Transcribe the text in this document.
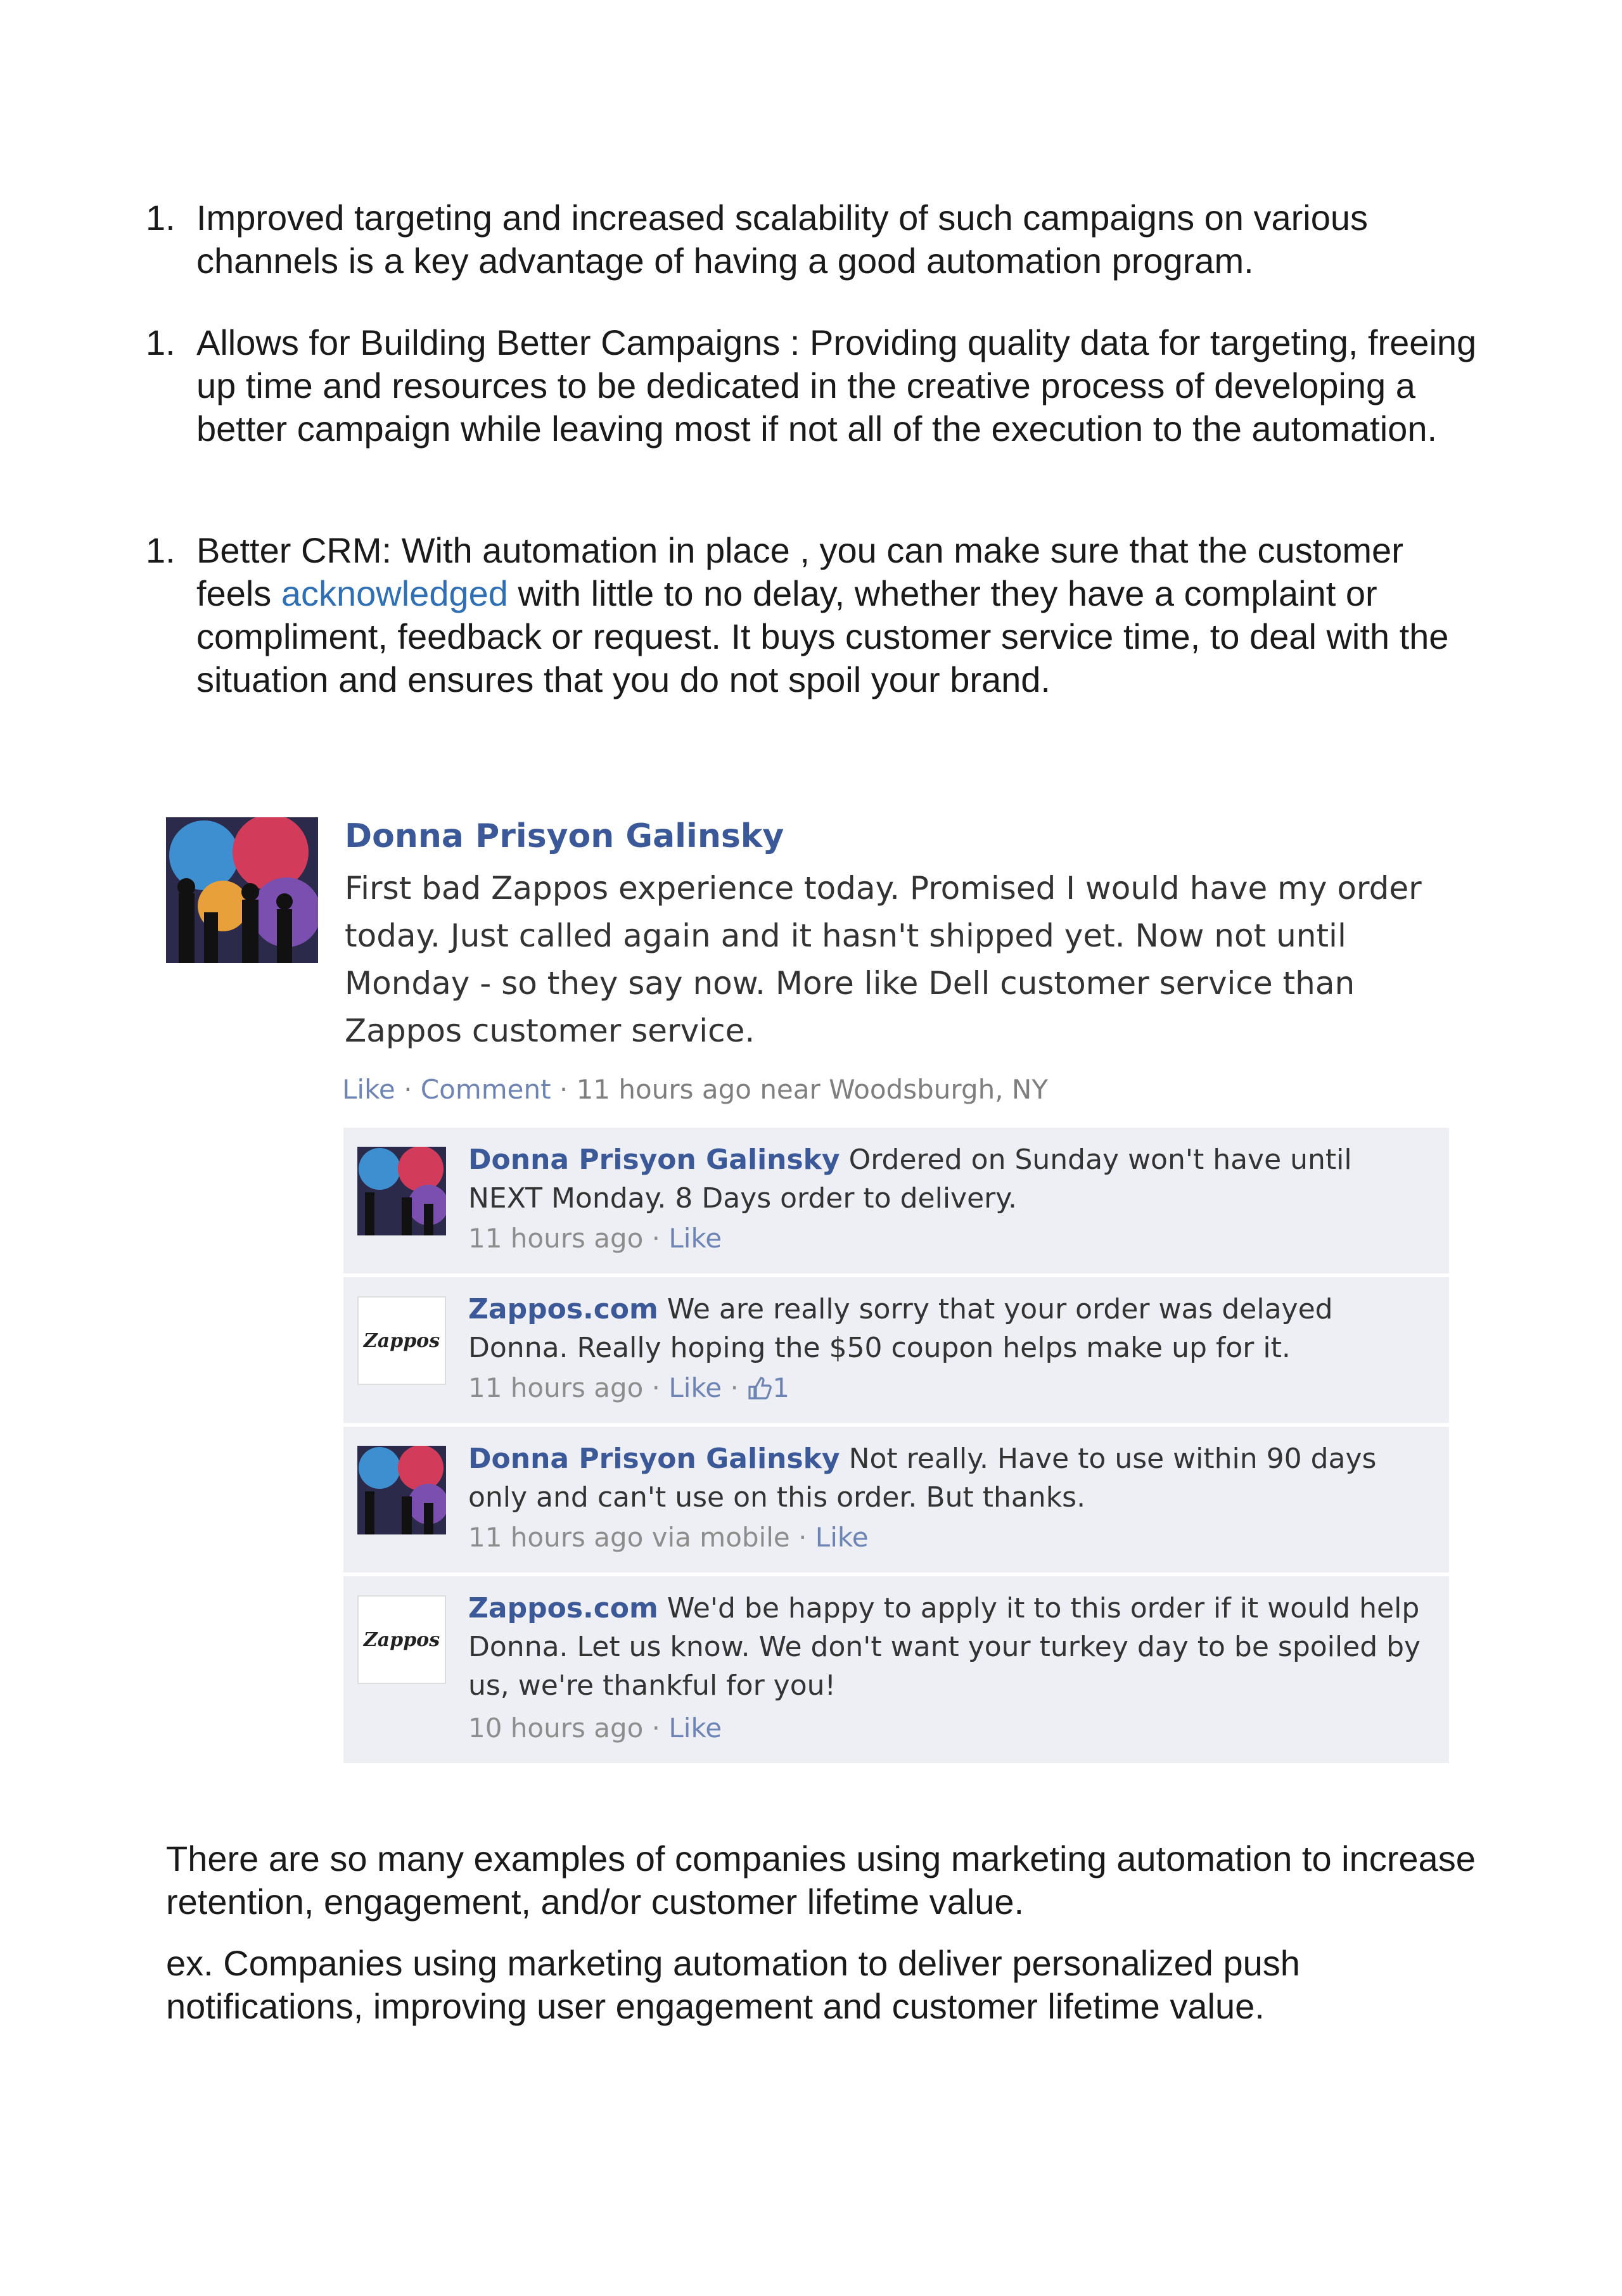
1. Improved targeting and increased scalability of such campaigns on various channels is a key advantage of having a good automation program.
1. Allows for Building Better Campaigns : Providing quality data for targeting, freeing up time and resources to be dedicated in the creative process of developing a better campaign while leaving most if not all of the execution to the automation.
1. Better CRM: With automation in place , you can make sure that the customer feels acknowledged with little to no delay, whether they have a complaint or compliment, feedback or request. It buys customer service time, to deal with the situation and ensures that you do not spoil your brand.
Donna Prisyon Galinsky
First bad Zappos experience today. Promised I would have my order today. Just called again and it hasn't shipped yet. Now not until Monday - so they say now. More like Dell customer service than Zappos customer service.
Like · Comment · 11 hours ago near Woodsburgh, NY
Donna Prisyon Galinsky Ordered on Sunday won't have until NEXT Monday. 8 Days order to delivery.
11 hours ago · Like
Zappos
Zappos.com We are really sorry that your order was delayed Donna. Really hoping the $50 coupon helps make up for it.
11 hours ago · Like · 1
Donna Prisyon Galinsky Not really. Have to use within 90 days only and can't use on this order. But thanks.
11 hours ago via mobile · Like
Zappos
Zappos.com We'd be happy to apply it to this order if it would help Donna. Let us know. We don't want your turkey day to be spoiled by us, we're thankful for you!
10 hours ago · Like
There are so many examples of companies using marketing automation to increase retention, engagement, and/or customer lifetime value.
ex. Companies using marketing automation to deliver personalized push notifications, improving user engagement and customer lifetime value.
